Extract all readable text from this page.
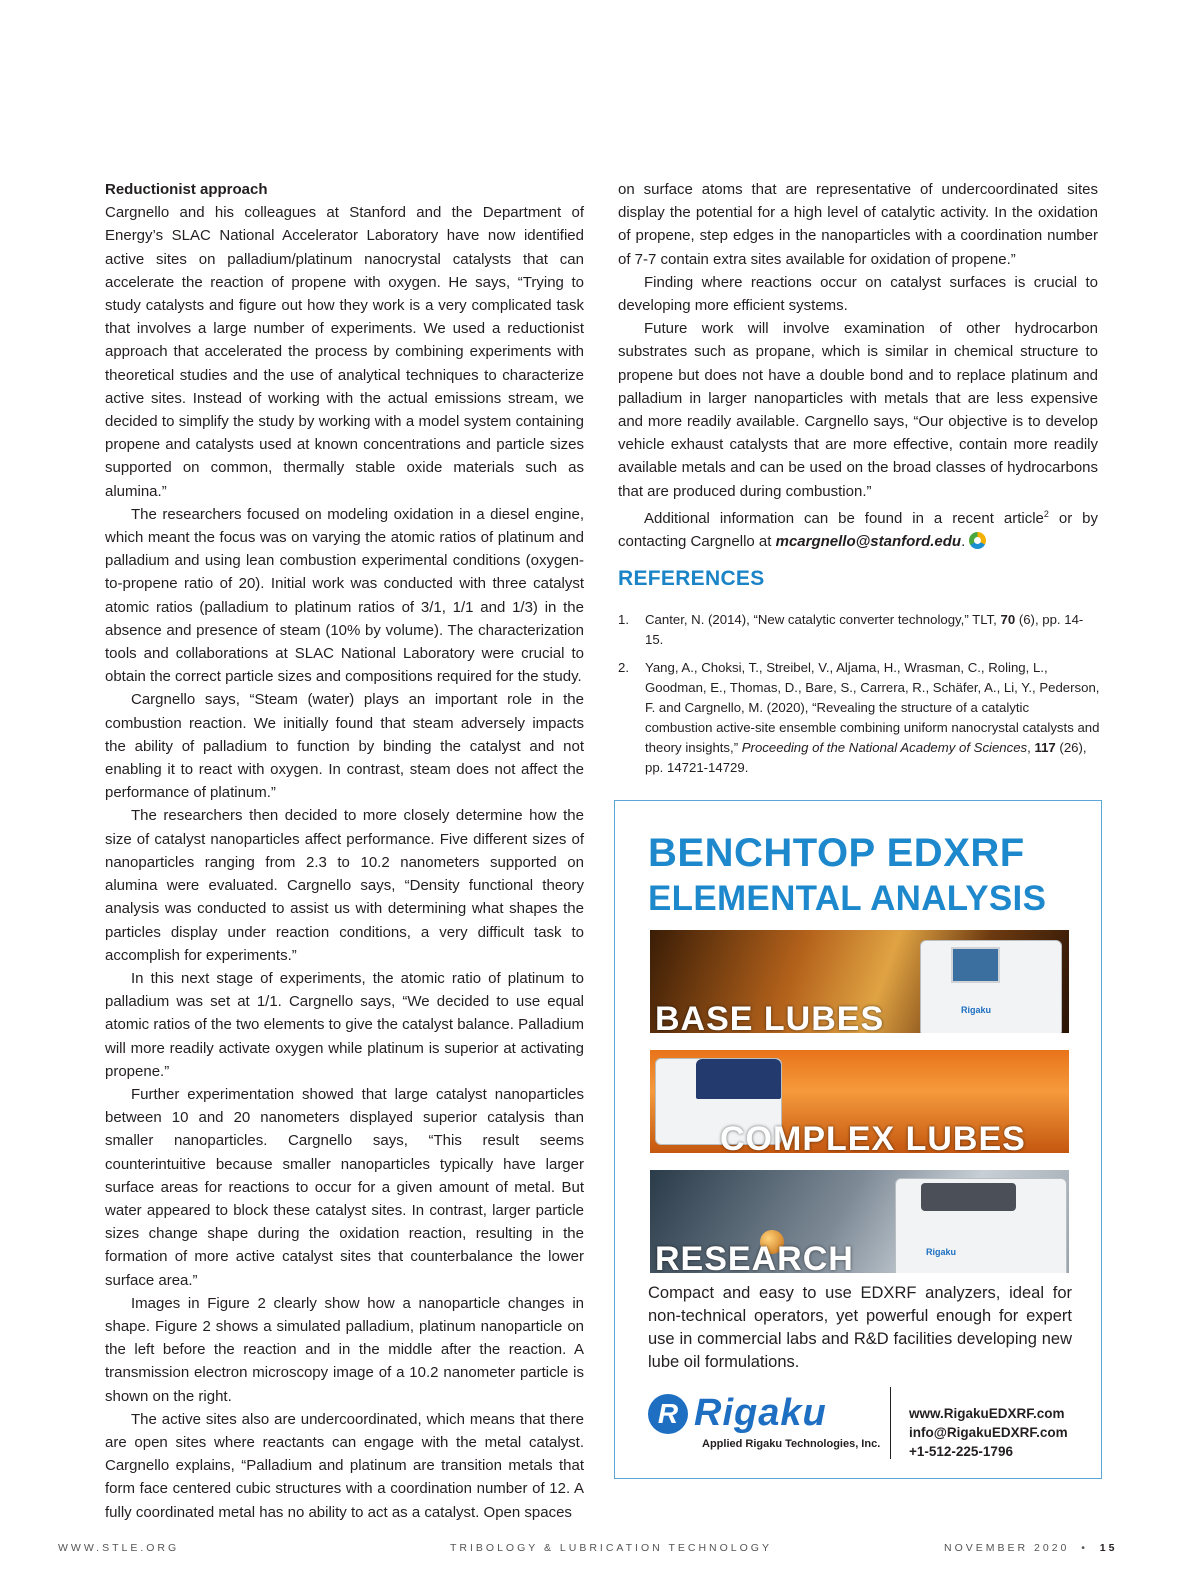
Reductionist approach

Cargnello and his colleagues at Stanford and the Department of Energy’s SLAC National Accelerator Laboratory have now identified active sites on palladium/platinum nanocrystal catalysts that can accelerate the reaction of propene with oxygen. He says, “Trying to study catalysts and figure out how they work is a very complicated task that involves a large number of experiments. We used a reductionist approach that accelerated the process by combining experiments with theoretical studies and the use of analytical techniques to characterize active sites. Instead of working with the actual emissions stream, we decided to simplify the study by working with a model system containing propene and catalysts used at known concentrations and particle sizes supported on common, thermally stable oxide materials such as alumina.”

The researchers focused on modeling oxidation in a diesel engine, which meant the focus was on varying the atomic ratios of platinum and palladium and using lean combustion experimental conditions (oxygen-to-propene ratio of 20). Initial work was conducted with three catalyst atomic ratios (palladium to platinum ratios of 3/1, 1/1 and 1/3) in the absence and presence of steam (10% by volume). The characterization tools and collaborations at SLAC National Laboratory were crucial to obtain the correct particle sizes and compositions required for the study.

Cargnello says, “Steam (water) plays an important role in the combustion reaction. We initially found that steam adversely impacts the ability of palladium to function by binding the catalyst and not enabling it to react with oxygen. In contrast, steam does not affect the performance of platinum.”

The researchers then decided to more closely determine how the size of catalyst nanoparticles affect performance. Five different sizes of nanoparticles ranging from 2.3 to 10.2 nanometers supported on alumina were evaluated. Cargnello says, “Density functional theory analysis was conducted to assist us with determining what shapes the particles display under reaction conditions, a very difficult task to accomplish for experiments.”

In this next stage of experiments, the atomic ratio of platinum to palladium was set at 1/1. Cargnello says, “We decided to use equal atomic ratios of the two elements to give the catalyst balance. Palladium will more readily activate oxygen while platinum is superior at activating propene.”

Further experimentation showed that large catalyst nanoparticles between 10 and 20 nanometers displayed superior catalysis than smaller nanoparticles. Cargnello says, “This result seems counterintuitive because smaller nanoparticles typically have larger surface areas for reactions to occur for a given amount of metal. But water appeared to block these catalyst sites. In contrast, larger particle sizes change shape during the oxidation reaction, resulting in the formation of more active catalyst sites that counterbalance the lower surface area.”

Images in Figure 2 clearly show how a nanoparticle changes in shape. Figure 2 shows a simulated palladium, platinum nanoparticle on the left before the reaction and in the middle after the reaction. A transmission electron microscopy image of a 10.2 nanometer particle is shown on the right.

The active sites also are undercoordinated, which means that there are open sites where reactants can engage with the metal catalyst. Cargnello explains, “Palladium and platinum are transition metals that form face centered cubic structures with a coordination number of 12. A fully coordinated metal has no ability to act as a catalyst. Open spaces

on surface atoms that are representative of undercoordinated sites display the potential for a high level of catalytic activity. In the oxidation of propene, step edges in the nanoparticles with a coordination number of 7-7 contain extra sites available for oxidation of propene.”

Finding where reactions occur on catalyst surfaces is crucial to developing more efficient systems.

Future work will involve examination of other hydrocarbon substrates such as propane, which is similar in chemical structure to propene but does not have a double bond and to replace platinum and palladium in larger nanoparticles with metals that are less expensive and more readily available. Cargnello says, “Our objective is to develop vehicle exhaust catalysts that are more effective, contain more readily available metals and can be used on the broad classes of hydrocarbons that are produced during combustion.”

Additional information can be found in a recent article$^2$ or by contacting Cargnello at mcargnello@stanford.edu.

REFERENCES
1. Canter, N. (2014), “New catalytic converter technology,” TLT, 70 (6), pp. 14-15.
2. Yang, A., Choksi, T., Streibel, V., Aljama, H., Wrasman, C., Roling, L., Goodman, E., Thomas, D., Bare, S., Carrera, R., Schäfer, A., Li, Y., Pederson, F. and Cargnello, M. (2020), “Revealing the structure of a catalytic combustion active-site ensemble combining uniform nanocrystal catalysts and theory insights,” Proceeding of the National Academy of Sciences, 117 (26), pp. 14721-14729.
BENCHTOP EDXRF
ELEMENTAL ANALYSIS
Rigaku
BASE LUBES
COMPLEX LUBES
Rigaku
RESEARCH
Compact and easy to use EDXRF analyzers, ideal for non-technical operators, yet powerful enough for expert use in commercial labs and R&D facilities developing new lube oil formulations.
R Rigaku
Applied Rigaku Technologies, Inc.
www.RigakuEDXRF.com
info@RigakuEDXRF.com
+1-512-225-1796
WWW.STLE.ORG	TRIBOLOGY & LUBRICATION TECHNOLOGY	NOVEMBER 2020 • 15
